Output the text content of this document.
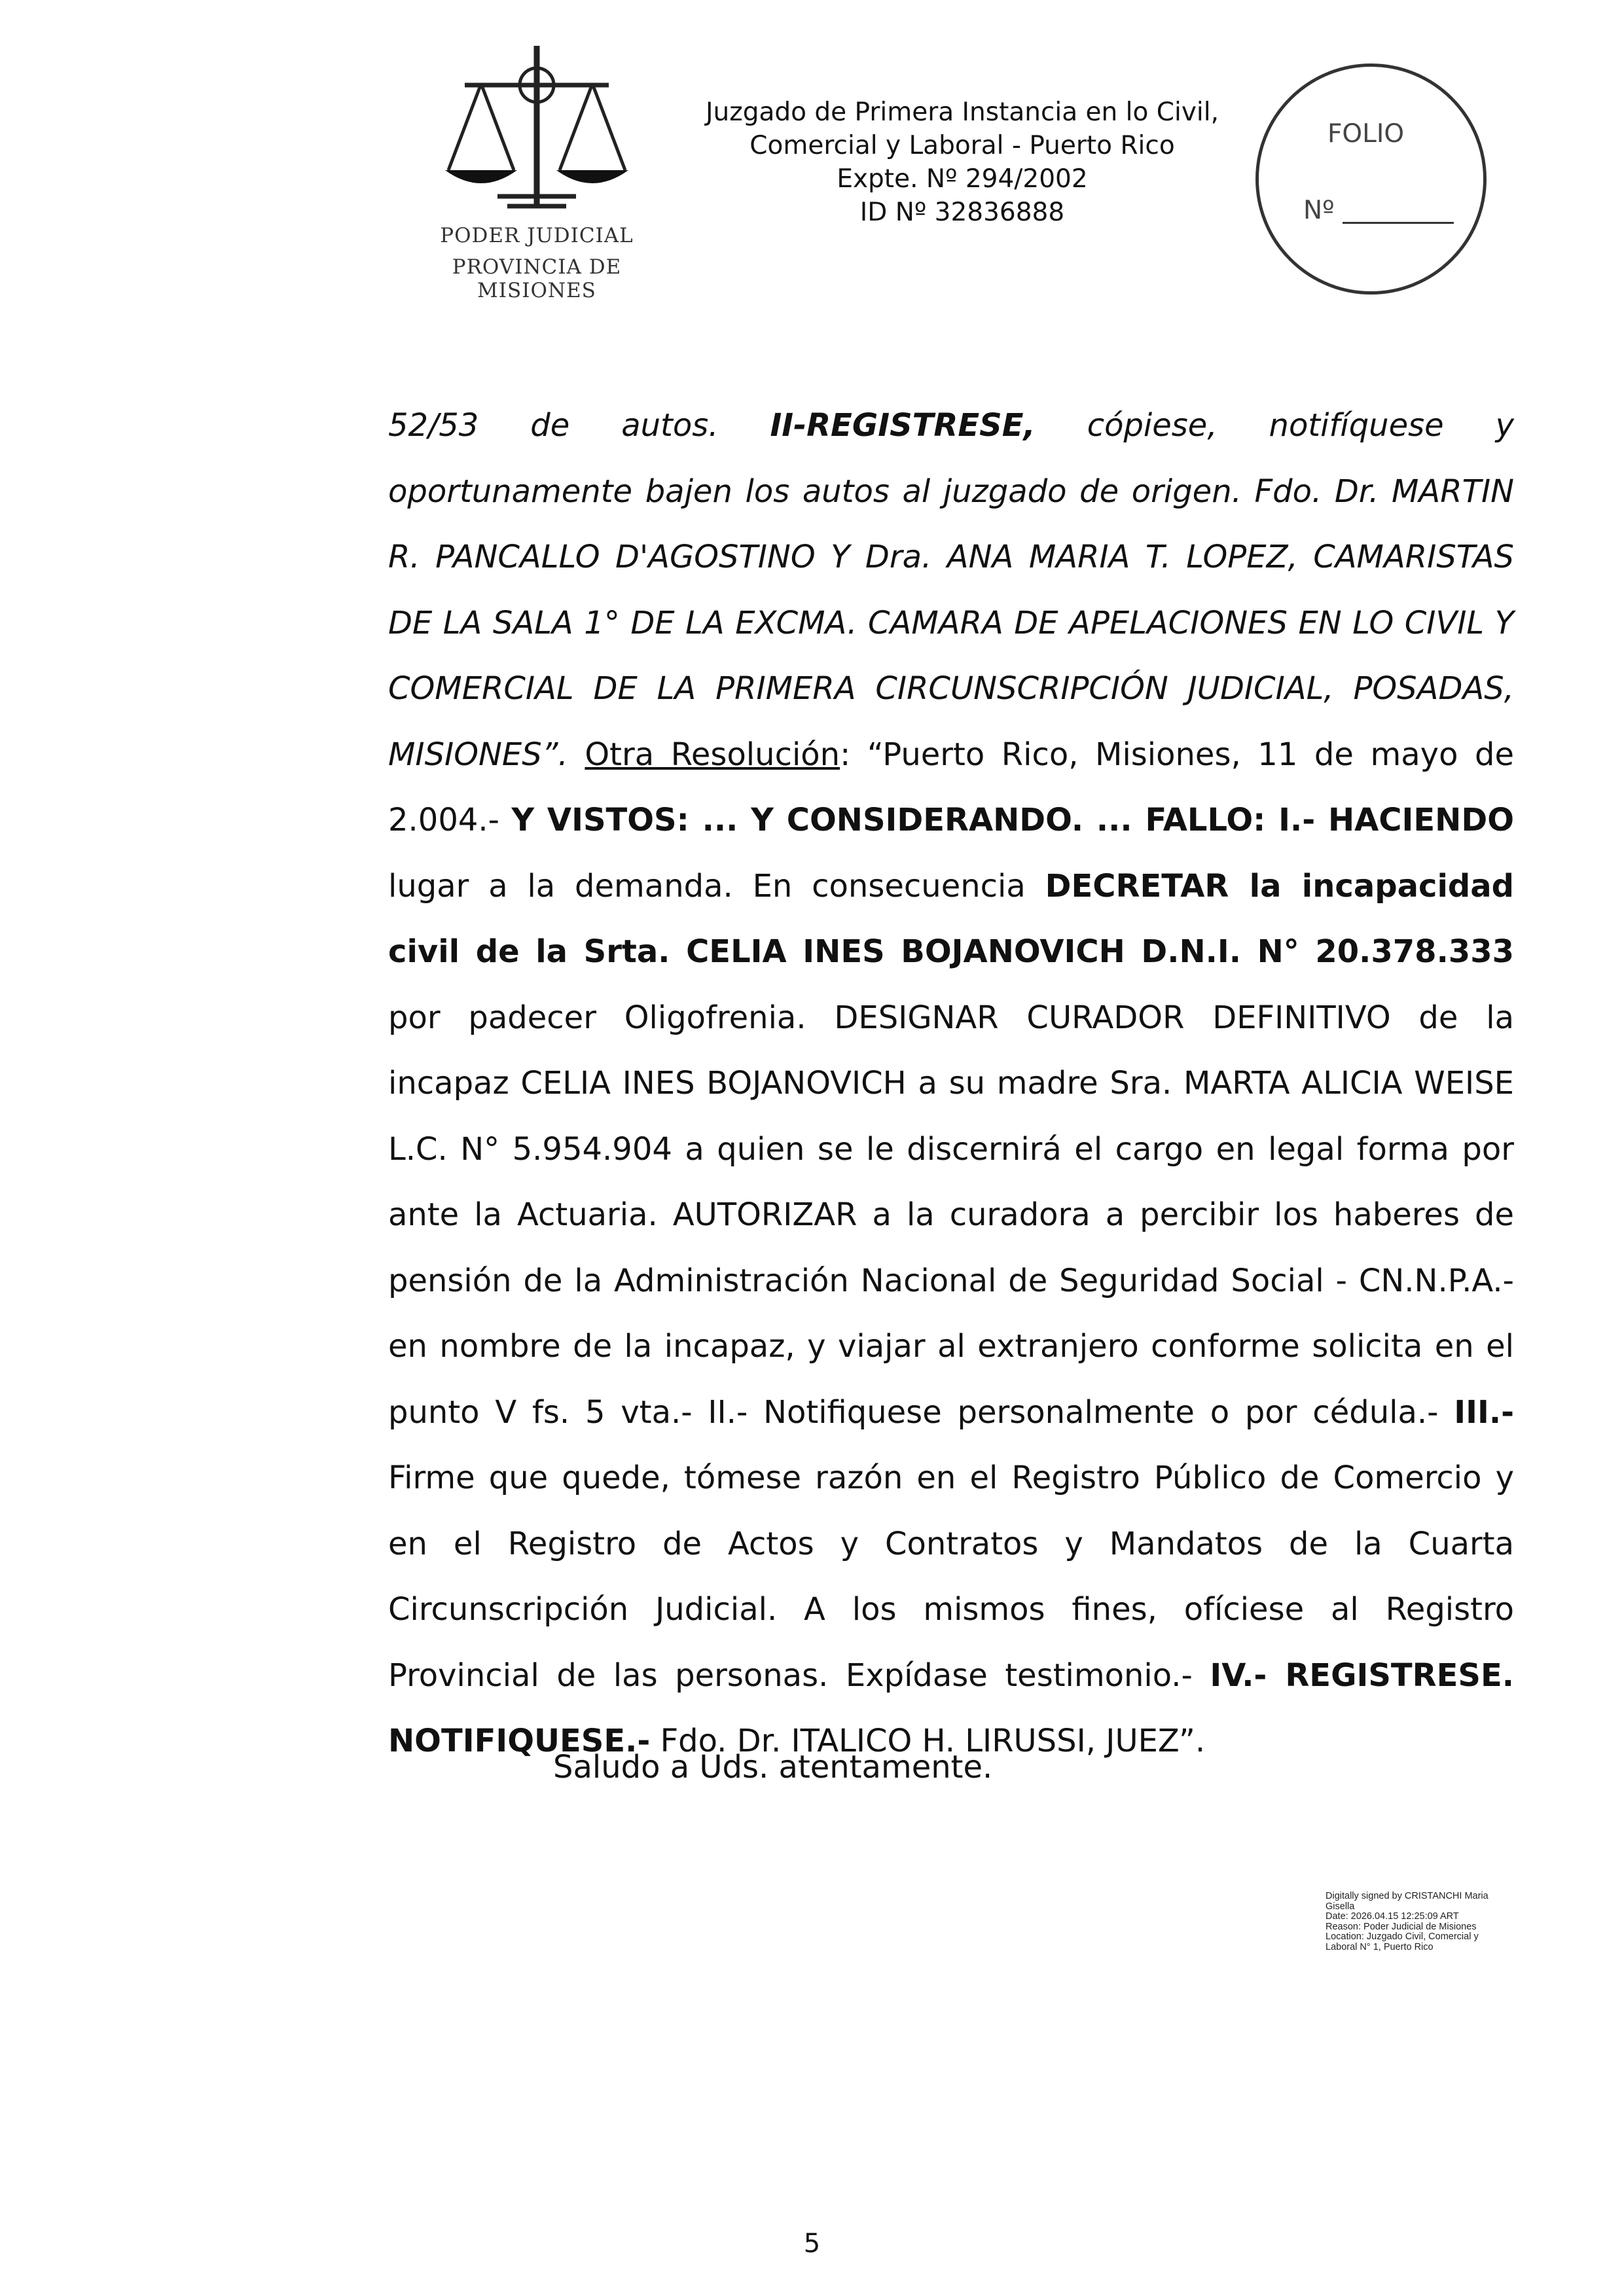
PODER JUDICIAL
PROVINCIA DE MISIONES
Juzgado de Primera Instancia en lo Civil,
Comercial y Laboral - Puerto Rico
Expte. Nº 294/2002
ID Nº 32836888
FOLIO
Nº

52/53 de autos. II-REGISTRESE, cópiese, notifíquese y oportunamente bajen los autos al juzgado de origen. Fdo. Dr. MARTIN R. PANCALLO D'AGOSTINO Y Dra. ANA MARIA T. LOPEZ, CAMARISTAS DE LA SALA 1° DE LA EXCMA. CAMARA DE APELACIONES EN LO CIVIL Y COMERCIAL DE LA PRIMERA CIRCUNSCRIPCIÓN JUDICIAL, POSADAS, MISIONES”. Otra Resolución: “Puerto Rico, Misiones, 11 de mayo de 2.004.- Y VISTOS: ... Y CONSIDERANDO. ... FALLO: I.- HACIENDO lugar a la demanda. En consecuencia DECRETAR la incapacidad civil de la Srta. CELIA INES BOJANOVICH D.N.I. N° 20.378.333 por padecer Oligofrenia. DESIGNAR CURADOR DEFINITIVO de la incapaz CELIA INES BOJANOVICH a su madre Sra. MARTA ALICIA WEISE L.C. N° 5.954.904 a quien se le discernirá el cargo en legal forma por ante la Actuaria. AUTORIZAR a la curadora a percibir los haberes de pensión de la Administración Nacional de Seguridad Social - CN.N.P.A.- en nombre de la incapaz, y viajar al extranjero conforme solicita en el punto V fs. 5 vta.- II.- Notifiquese personalmente o por cédula.- III.- Firme que quede, tómese razón en el Registro Público de Comercio y en el Registro de Actos y Contratos y Mandatos de la Cuarta Circunscripción Judicial. A los mismos fines, ofíciese al Registro Provincial de las personas. Expídase testimonio.- IV.- REGISTRESE. NOTIFIQUESE.- Fdo. Dr. ITALICO H. LIRUSSI, JUEZ”.

Saludo a Uds. atentamente.
Digitally signed by CRISTANCHI Maria
Gisella
Date: 2026.04.15 12:25:09 ART
Reason: Poder Judicial de Misiones
Location: Juzgado Civil, Comercial y
Laboral N° 1, Puerto Rico
5
